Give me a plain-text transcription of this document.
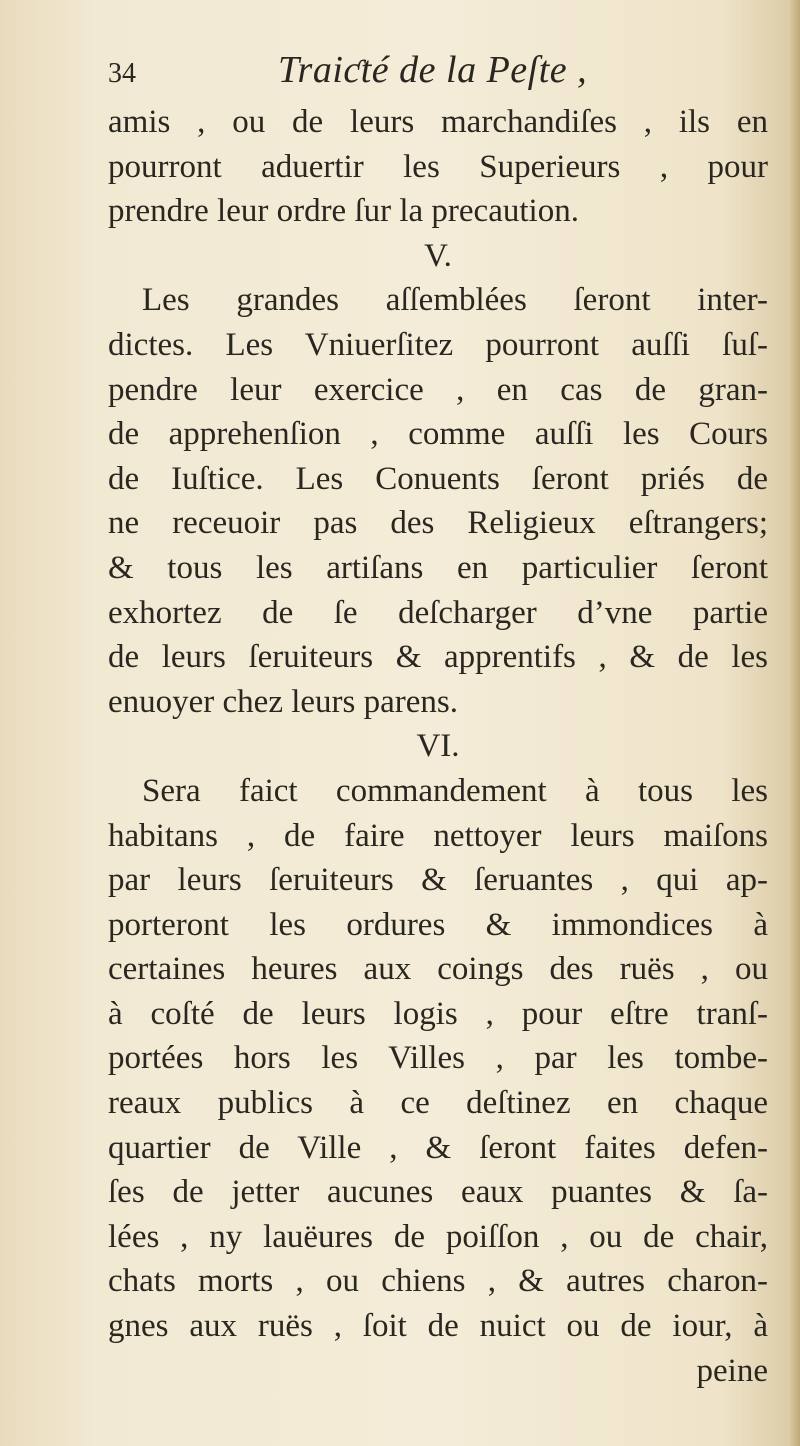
34	Traiƈté de la Peſte ,
amis , ou de leurs marchandiſes , ils en
pourront aduertir les Superieurs , pour
prendre leur ordre ſur la precaution.
V.
Les grandes aſſemblées ſeront inter-
dictes. Les Vniuerſitez pourront auſſi ſuſ-
pendre leur exercice , en cas de gran-
de apprehenſion , comme auſſi les Cours
de Iuſtice. Les Conuents ſeront priés de
ne receuoir pas des Religieux eſtrangers;
& tous les artiſans en particulier ſeront
exhortez de ſe deſcharger d’vne partie
de leurs ſeruiteurs & apprentifs , & de les
enuoyer chez leurs parens.
VI.
Sera faict commandement à tous les
habitans , de faire nettoyer leurs maiſons
par leurs ſeruiteurs & ſeruantes , qui ap-
porteront les ordures & immondices à
certaines heures aux coings des ruës , ou
à coſté de leurs logis , pour eſtre tranſ-
portées hors les Villes , par les tombe-
reaux publics à ce deſtinez en chaque
quartier de Ville , & ſeront faites defen-
ſes de jetter aucunes eaux puantes & ſa-
lées , ny lauëures de poiſſon , ou de chair,
chats morts , ou chiens , & autres charon-
gnes aux ruës , ſoit de nuict ou de iour, à
peine
